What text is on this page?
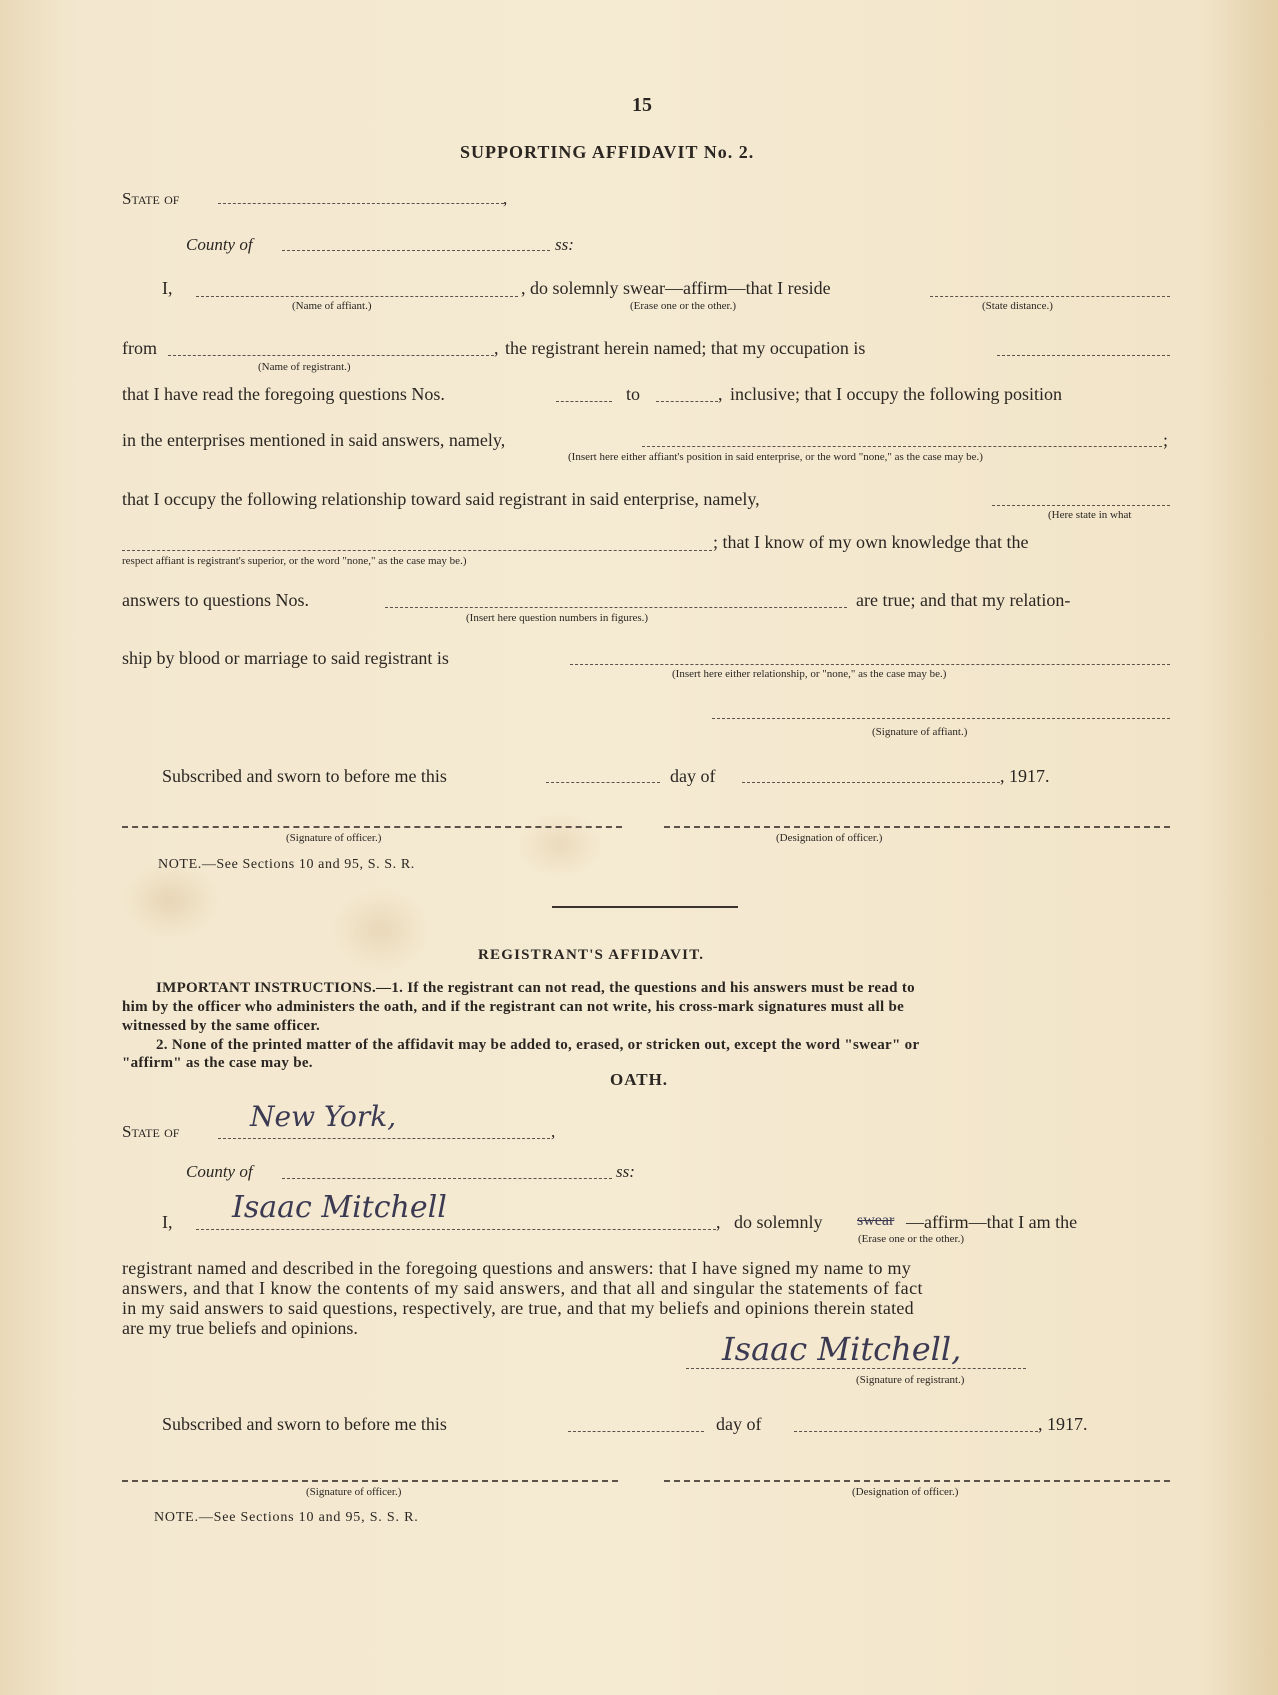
15
SUPPORTING AFFIDAVIT No. 2.
State of	,
County of	ss:
I,	, do solemnly swear—affirm—that I reside
(Name of affiant.)	(Erase one or the other.)	(State distance.)
from	, the registrant herein named; that my occupation is
(Name of registrant.)
that I have read the foregoing questions Nos.	to	, inclusive; that I occupy the following position
in the enterprises mentioned in said answers, namely,	;
(Insert here either affiant's position in said enterprise, or the word "none," as the case may be.)
that I occupy the following relationship toward said registrant in said enterprise, namely,
(Here state in what
; that I know of my own knowledge that the
respect affiant is registrant's superior, or the word "none," as the case may be.)
answers to questions Nos.	are true; and that my relation-
(Insert here question numbers in figures.)
ship by blood or marriage to said registrant is
(Insert here either relationship, or "none," as the case may be.)
(Signature of affiant.)
Subscribed and sworn to before me this	day of	, 1917.
(Signature of officer.)	(Designation of officer.)
NOTE.—See Sections 10 and 95, S. S. R.
REGISTRANT'S AFFIDAVIT.
IMPORTANT INSTRUCTIONS.—1. If the registrant can not read, the questions and his answers must be read to
him by the officer who administers the oath, and if the registrant can not write, his cross-mark signatures must all be
witnessed by the same officer.
2. None of the printed matter of the affidavit may be added to, erased, or stricken out, except the word "swear" or
"affirm" as the case may be.
OATH.
State of	New York,	,
County of	ss:
I, Isaac Mitchell	, do solemnly swear —affirm—that I am the
(Erase one or the other.)
registrant named and described in the foregoing questions and answers: that I have signed my name to my
answers, and that I know the contents of my said answers, and that all and singular the statements of fact
in my said answers to said questions, respectively, are true, and that my beliefs and opinions therein stated
are my true beliefs and opinions.
Isaac Mitchell,
(Signature of registrant.)
Subscribed and sworn to before me this	day of	, 1917.
(Signature of officer.)	(Designation of officer.)
NOTE.—See Sections 10 and 95, S. S. R.
